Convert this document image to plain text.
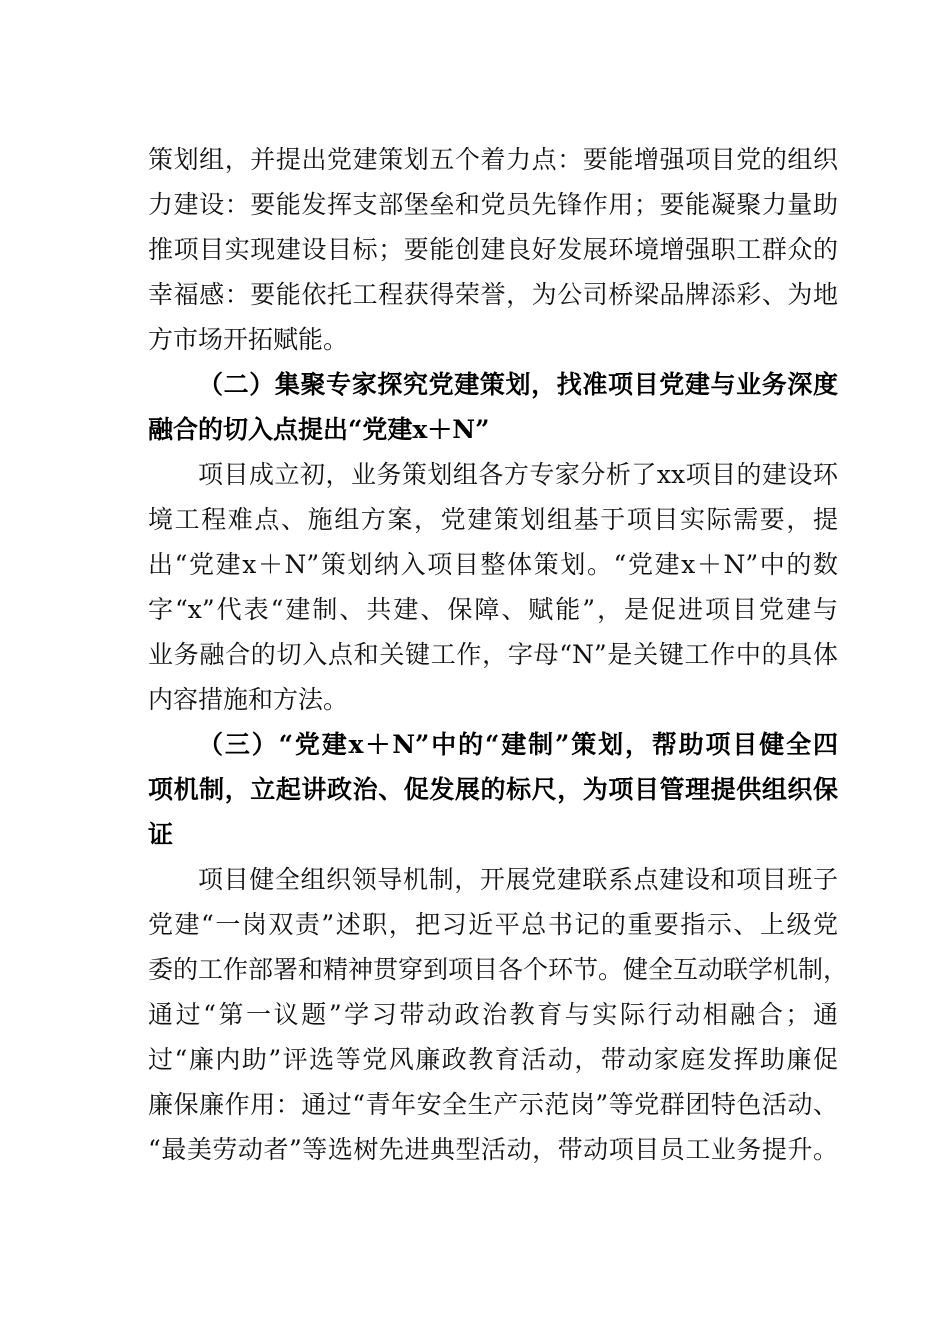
策划组，并提出党建策划五个着力点：要能增强项目党的组织
力建设：要能发挥支部堡垒和党员先锋作用；要能凝聚力量助
推项目实现建设目标；要能创建良好发展环境增强职工群众的
幸福感：要能依托工程获得荣誉，为公司桥梁品牌添彩、为地
方市场开拓赋能。
（二）集聚专家探究党建策划，找准项目党建与业务深度
融合的切入点提出“党建x＋N”
项目成立初，业务策划组各方专家分析了xx项目的建设环
境工程难点、施组方案，党建策划组基于项目实际需要，提
出“党建x＋N”策划纳入项目整体策划。“党建x＋N”中的数
字“x”代表“建制、共建、保障、赋能”，是促进项目党建与
业务融合的切入点和关键工作，字母“N”是关键工作中的具体
内容措施和方法。
（三）“党建x＋N”中的“建制”策划，帮助项目健全四
项机制，立起讲政治、促发展的标尺，为项目管理提供组织保
证
项目健全组织领导机制，开展党建联系点建设和项目班子
党建“一岗双责”述职，把习近平总书记的重要指示、上级党
委的工作部署和精神贯穿到项目各个环节。健全互动联学机制，
通过“第一议题”学习带动政治教育与实际行动相融合；通
过“廉内助”评选等党风廉政教育活动，带动家庭发挥助廉促
廉保廉作用：通过“青年安全生产示范岗”等党群团特色活动、
“最美劳动者”等选树先进典型活动，带动项目员工业务提升。
